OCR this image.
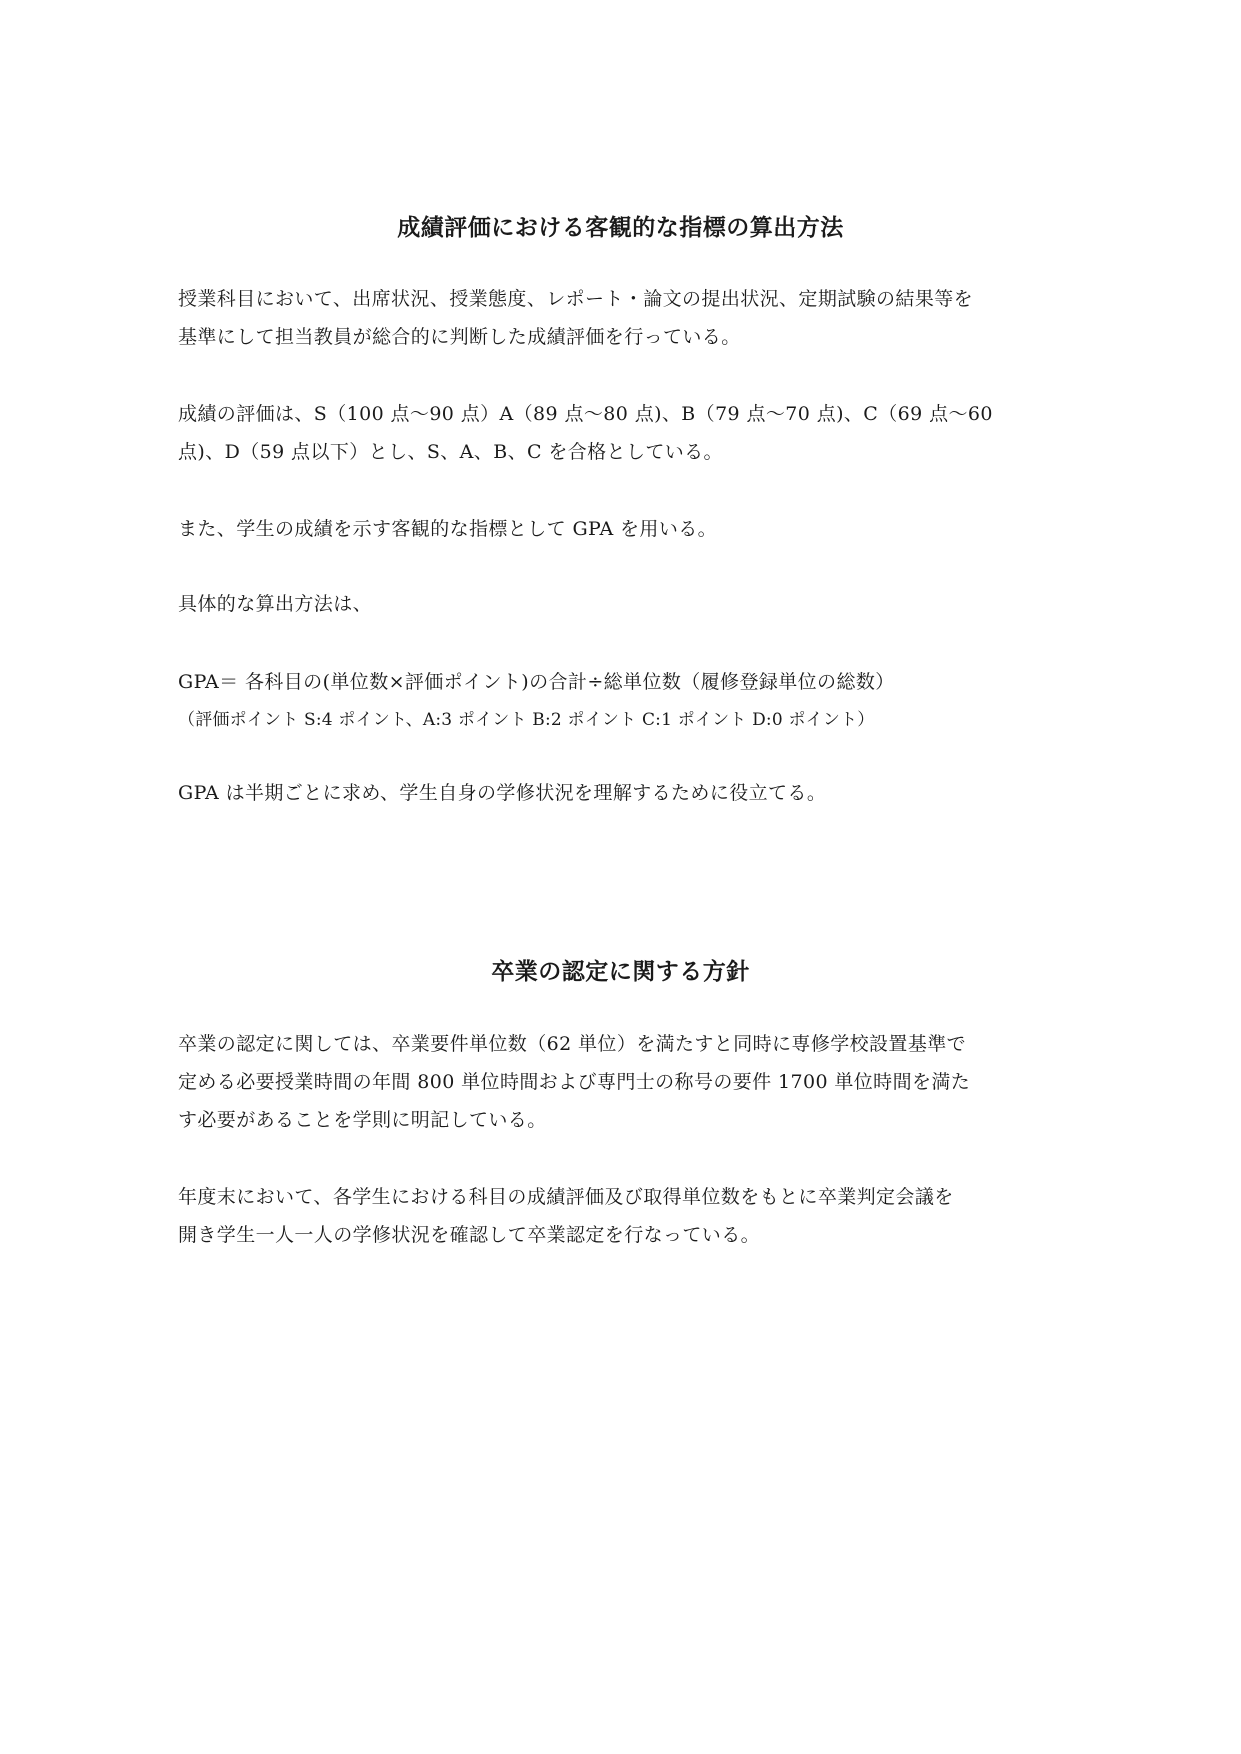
成績評価における客観的な指標の算出方法

授業科目において、出席状況、授業態度、レポート・論文の提出状況、定期試験の結果等を
基準にして担当教員が総合的に判断した成績評価を行っている。

成績の評価は、S（100 点～90 点）A（89 点～80 点)、B（79 点～70 点)、C（69 点～60
点)、D（59 点以下）とし、S、A、B、C を合格としている。

また、学生の成績を示す客観的な指標として GPA を用いる。

具体的な算出方法は、

GPA＝ 各科目の(単位数×評価ポイント)の合計÷総単位数（履修登録単位の総数）
（評価ポイント S:4 ポイント、A:3 ポイント B:2 ポイント C:1 ポイント D:0 ポイント）

GPA は半期ごとに求め、学生自身の学修状況を理解するために役立てる。

卒業の認定に関する方針

卒業の認定に関しては、卒業要件単位数（62 単位）を満たすと同時に専修学校設置基準で
定める必要授業時間の年間 800 単位時間および専門士の称号の要件 1700 単位時間を満た
す必要があることを学則に明記している。

年度末において、各学生における科目の成績評価及び取得単位数をもとに卒業判定会議を
開き学生一人一人の学修状況を確認して卒業認定を行なっている。
